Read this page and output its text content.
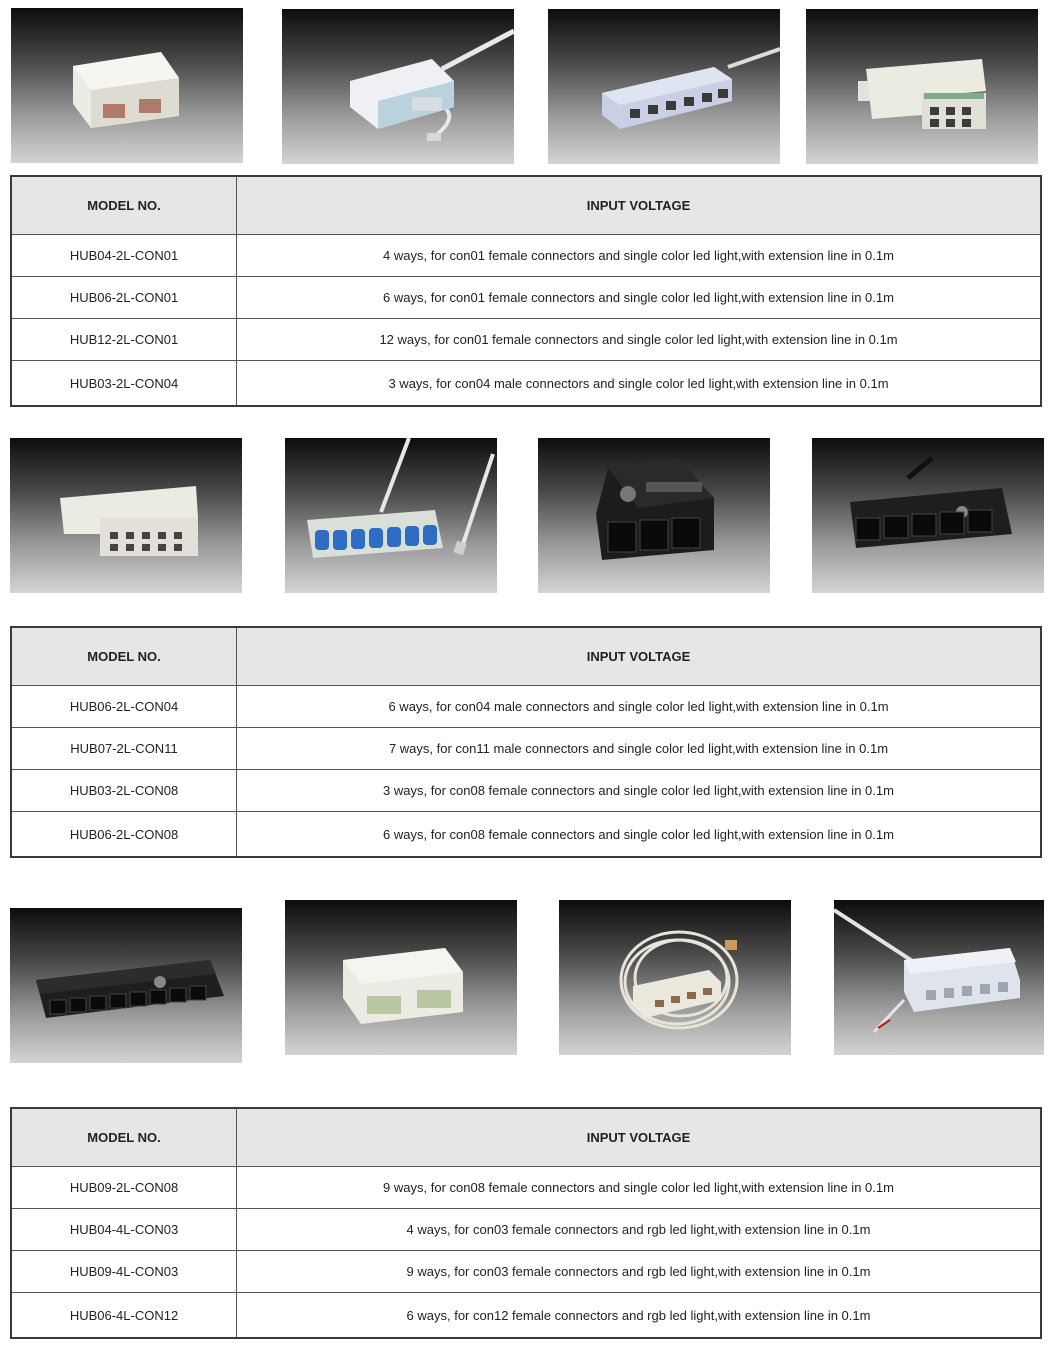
MODEL NO.	INPUT VOLTAGE
HUB04-2L-CON01	4 ways, for con01 female connectors and single color led light,with extension line in 0.1m
HUB06-2L-CON01	6 ways, for con01 female connectors and single color led light,with extension line in 0.1m
HUB12-2L-CON01	12 ways, for con01 female connectors and single color led light,with extension line in 0.1m
HUB03-2L-CON04	3 ways, for con04 male connectors and single color led light,with extension line in 0.1m
MODEL NO.	INPUT VOLTAGE
HUB06-2L-CON04	6 ways, for con04 male connectors and single color led light,with extension line in 0.1m
HUB07-2L-CON11	7 ways, for con11 male connectors and single color led light,with extension line in 0.1m
HUB03-2L-CON08	3 ways, for con08 female connectors and single color led light,with extension line in 0.1m
HUB06-2L-CON08	6 ways, for con08 female connectors and single color led light,with extension line in 0.1m
MODEL NO.	INPUT VOLTAGE
HUB09-2L-CON08	9 ways, for con08 female connectors and single color led light,with extension line in 0.1m
HUB04-4L-CON03	4 ways, for con03 female connectors and rgb led light,with extension line in 0.1m
HUB09-4L-CON03	9 ways, for con03 female connectors and rgb led light,with extension line in 0.1m
HUB06-4L-CON12	6 ways, for con12 female connectors and rgb led light,with extension line in 0.1m
